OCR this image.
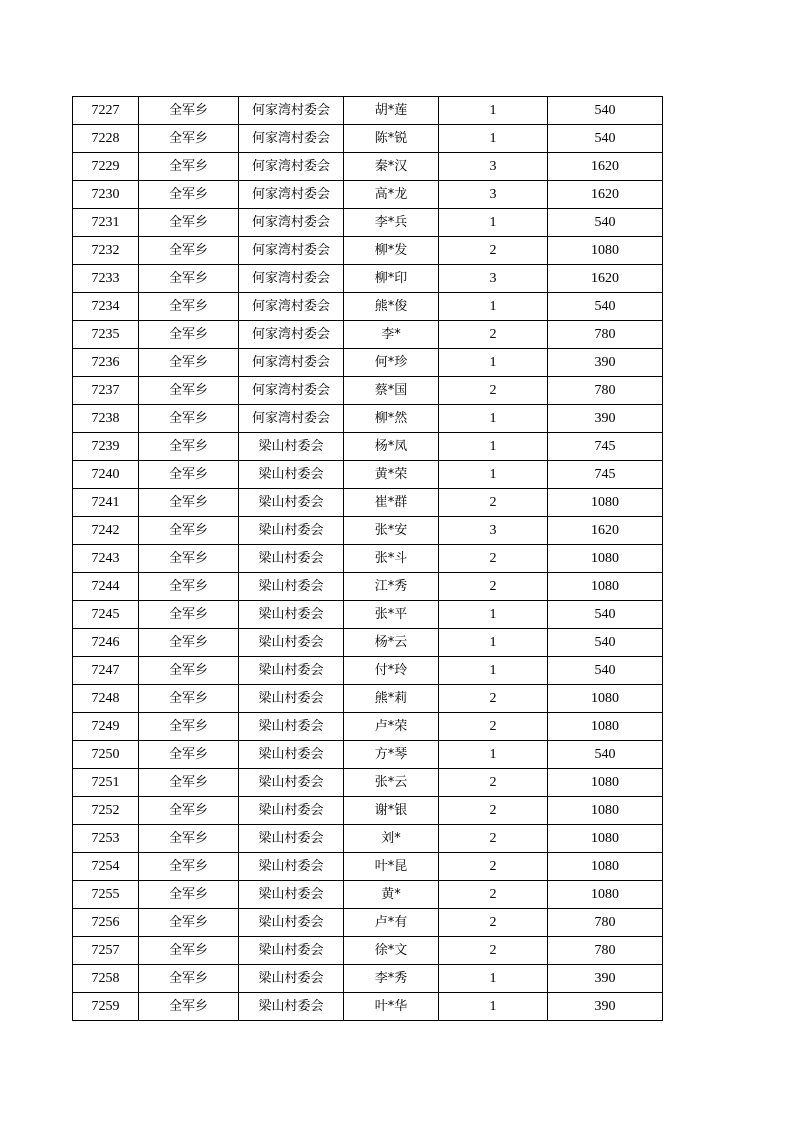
7227	全军乡	何家湾村委会	胡*莲	1	540
7228	全军乡	何家湾村委会	陈*锐	1	540
7229	全军乡	何家湾村委会	秦*汉	3	1620
7230	全军乡	何家湾村委会	高*龙	3	1620
7231	全军乡	何家湾村委会	李*兵	1	540
7232	全军乡	何家湾村委会	柳*发	2	1080
7233	全军乡	何家湾村委会	柳*印	3	1620
7234	全军乡	何家湾村委会	熊*俊	1	540
7235	全军乡	何家湾村委会	李*	2	780
7236	全军乡	何家湾村委会	何*珍	1	390
7237	全军乡	何家湾村委会	蔡*国	2	780
7238	全军乡	何家湾村委会	柳*然	1	390
7239	全军乡	梁山村委会	杨*凤	1	745
7240	全军乡	梁山村委会	黄*荣	1	745
7241	全军乡	梁山村委会	崔*群	2	1080
7242	全军乡	梁山村委会	张*安	3	1620
7243	全军乡	梁山村委会	张*斗	2	1080
7244	全军乡	梁山村委会	江*秀	2	1080
7245	全军乡	梁山村委会	张*平	1	540
7246	全军乡	梁山村委会	杨*云	1	540
7247	全军乡	梁山村委会	付*玲	1	540
7248	全军乡	梁山村委会	熊*莉	2	1080
7249	全军乡	梁山村委会	卢*荣	2	1080
7250	全军乡	梁山村委会	方*琴	1	540
7251	全军乡	梁山村委会	张*云	2	1080
7252	全军乡	梁山村委会	谢*银	2	1080
7253	全军乡	梁山村委会	刘*	2	1080
7254	全军乡	梁山村委会	叶*昆	2	1080
7255	全军乡	梁山村委会	黄*	2	1080
7256	全军乡	梁山村委会	卢*有	2	780
7257	全军乡	梁山村委会	徐*文	2	780
7258	全军乡	梁山村委会	李*秀	1	390
7259	全军乡	梁山村委会	叶*华	1	390
